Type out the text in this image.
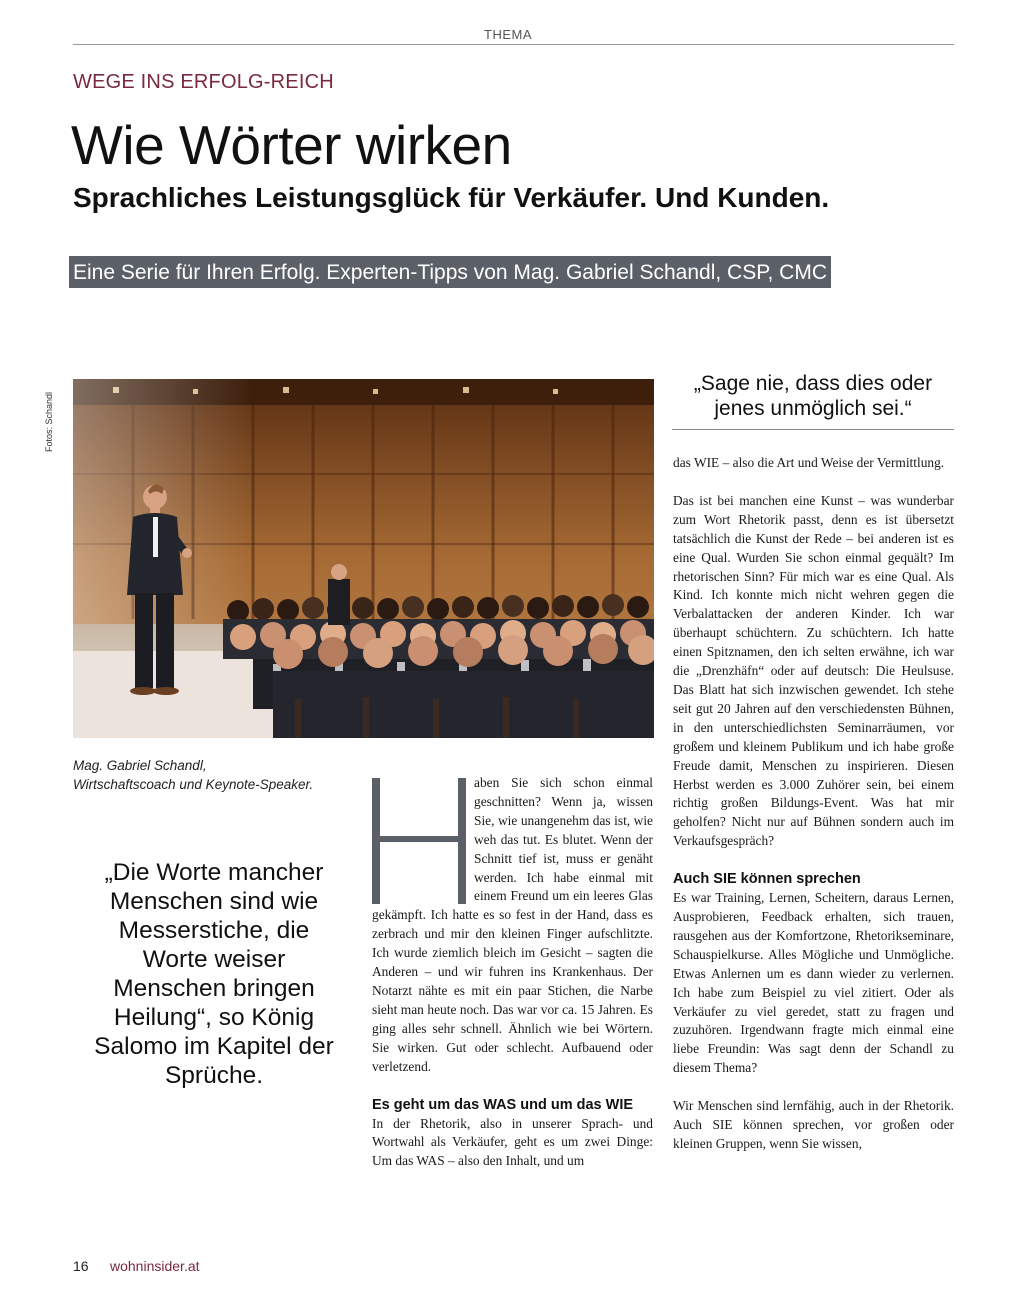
THEMA
WEGE INS ERFOLG-REICH
Wie Wörter wirken
Sprachliches Leistungsglück für Verkäufer. Und Kunden.
Eine Serie für Ihren Erfolg. Experten-Tipps von Mag. Gabriel Schandl, CSP, CMC
Fotos: Schandl
Mag. Gabriel Schandl,
Wirtschaftscoach und Keynote-Speaker.
„Die Worte mancher Menschen sind wie Messerstiche, die Worte weiser Menschen bringen Heilung“, so König Salomo im Kapitel der Sprüche.
„Sage nie, dass dies oder jenes unmöglich sei.“

aben Sie sich schon einmal geschnitten? Wenn ja, wissen Sie, wie unangenehm das ist, wie weh das tut. Es blutet. Wenn der Schnitt tief ist, muss er genäht werden. Ich habe einmal mit einem Freund um ein leeres Glas gekämpft. Ich hatte es so fest in der Hand, dass es zerbrach und mir den kleinen Finger aufschlitzte. Ich wurde ziemlich bleich im Gesicht – sagten die Anderen – und wir fuhren ins Krankenhaus. Der Notarzt nähte es mit ein paar Stichen, die Narbe sieht man heute noch. Das war vor ca. 15 Jahren. Es ging alles sehr schnell. Ähnlich wie bei Wörtern. Sie wirken. Gut oder schlecht. Aufbauend oder verletzend.

Es geht um das WAS und um das WIE

In der Rhetorik, also in unserer Sprach- und Wortwahl als Verkäufer, geht es um zwei Dinge: Um das WAS – also den Inhalt, und um

das WIE – also die Art und Weise der Vermittlung.

Das ist bei manchen eine Kunst – was wunderbar zum Wort Rhetorik passt, denn es ist übersetzt tatsächlich die Kunst der Rede – bei anderen ist es eine Qual. Wurden Sie schon einmal gequält? Im rhetorischen Sinn? Für mich war es eine Qual. Als Kind. Ich konnte mich nicht wehren gegen die Verbalattacken der anderen Kinder. Ich war überhaupt schüchtern. Zu schüchtern. Ich hatte einen Spitznamen, den ich selten erwähne, ich war die „Drenzhäfn“ oder auf deutsch: Die Heulsuse. Das Blatt hat sich inzwischen gewendet. Ich stehe seit gut 20 Jahren auf den verschiedensten Bühnen, in den unterschiedlichsten Seminarräumen, vor großem und kleinem Publikum und ich habe große Freude damit, Menschen zu inspirieren. Diesen Herbst werden es 3.000 Zuhörer sein, bei einem richtig großen Bildungs-Event. Was hat mir geholfen? Nicht nur auf Bühnen sondern auch im Verkaufsgespräch?

Auch SIE können sprechen

Es war Training, Lernen, Scheitern, daraus Lernen, Ausprobieren, Feedback erhalten, sich trauen, rausgehen aus der Komfortzone, Rhetorikseminare, Schauspielkurse. Alles Mögliche und Unmögliche. Etwas Anlernen um es dann wieder zu verlernen. Ich habe zum Beispiel zu viel zitiert. Oder als Verkäufer zu viel geredet, statt zu fragen und zuzuhören. Irgendwann fragte mich einmal eine liebe Freundin: Was sagt denn der Schandl zu diesem Thema?

Wir Menschen sind lernfähig, auch in der Rhetorik. Auch SIE können sprechen, vor großen oder kleinen Gruppen, wenn Sie wissen,

16 wohninsider.at
